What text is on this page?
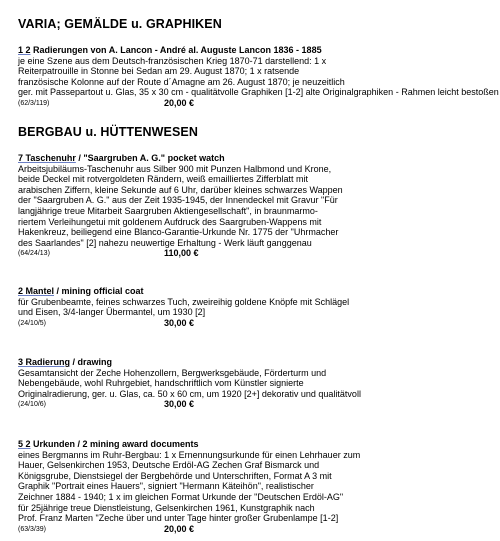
VARIA; GEMÄLDE u. GRAPHIKEN
1 2 Radierungen von A. Lancon - André al. Auguste Lancon 1836 - 1885
je eine Szene aus dem Deutsch-französischen Krieg 1870-71 darstellend: 1 x
Reiterpatrouille in Stonne bei Sedan am 29. August 1870; 1 x ratsende
französische Kolonne auf der Route d´Amagne am 26. August 1870; je neuzeitlich
ger. mit Passepartout u. Glas, 35 x 30 cm - qualitätvolle Graphiken [1-2] alte Originalgraphiken - Rahmen leicht bestoßen
(62/3/119)	20,00 €
BERGBAU u. HÜTTENWESEN
7 Taschenuhr / "Saargruben A. G." pocket watch
Arbeitsjubiläums-Taschenuhr aus Silber 900 mit Punzen Halbmond und Krone,
beide Deckel mit rotvergoldeten Rändern, weiß emailliertes Zifferblatt mit
arabischen Ziffern, kleine Sekunde auf 6 Uhr, darüber kleines schwarzes Wappen
der "Saargruben A. G." aus der Zeit 1935-1945, der Innendeckel mit Gravur "Für
langjährige treue Mitarbeit Saargruben Aktiengesellschaft", in braunmarmo-
riertem Verleihungetui mit goldenem Aufdruck des Saargruben-Wappens mit
Hakenkreuz, beiliegend eine Blanco-Garantie-Urkunde Nr. 1775 der "Uhrmacher
des Saarlandes" [2] nahezu neuwertige Erhaltung - Werk läuft ganggenau
(64/24/13)	110,00 €
2 Mantel / mining official coat
für Grubenbeamte, feines schwarzes Tuch, zweireihig goldene Knöpfe mit Schlägel
und Eisen, 3/4-langer Übermantel, um 1930 [2]
(24/10/5)	30,00 €
3 Radierung / drawing
Gesamtansicht der Zeche Hohenzollern, Bergwerksgebäude, Förderturm und
Nebengebäude, wohl Ruhrgebiet, handschriftlich vom Künstler signierte
Originalradierung, ger. u. Glas, ca. 50 x 60 cm, um 1920 [2+] dekorativ und qualitätvoll
(24/10/6)	30,00 €
5 2 Urkunden / 2 mining award documents
eines Bergmanns im Ruhr-Bergbau: 1 x Ernennungsurkunde für einen Lehrhauer zum
Hauer, Gelsenkirchen 1953, Deutsche Erdöl-AG Zechen Graf Bismarck und
Königsgrube, Dienstsiegel der Bergbehörde und Unterschriften, Format A 3 mit
Graphik "Portrait eines Hauers", signiert "Hermann Käteihön", realistischer
Zeichner 1884 - 1940; 1 x im gleichen Format Urkunde der "Deutschen Erdöl-AG"
für 25jährige treue Dienstleistung, Gelsenkirchen 1961, Kunstgraphik nach
Prof. Franz Marten "Zeche über und unter Tage hinter großer Grubenlampe [1-2]
(63/3/39)	20,00 €
